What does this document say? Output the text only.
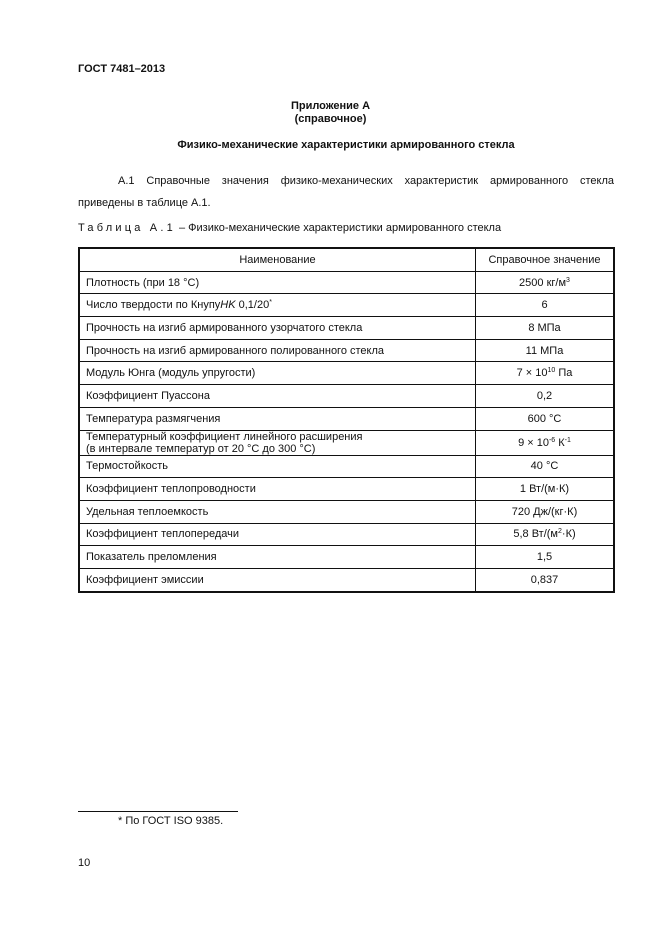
ГОСТ 7481–2013
Приложение А
(справочное)
Физико-механические характеристики армированного стекла
А.1 Справочные значения физико-механических характеристик армированного стекла приведены в таблице А.1.
Таблица А.1 – Физико-механические характеристики армированного стекла
Наименование	Справочное значение
Плотность (при 18 °С)	2500 $кг/м^3$
Число твердости по КнупуHK 0,1/20*	6
Прочность на изгиб армированного узорчатого стекла	8 МПа
Прочность на изгиб армированного полированного стекла	11 МПа
Модуль Юнга (модуль упругости)	$7 \times 10^{10}$ Па
Коэффициент Пуассона	0,2
Температура размягчения	600 °С

Температурный коэффициент линейного расширения
(в интервале температур от 20 °С до 300 °С)	$9 \times 10^{-6}$ $К^{-1}$
Термостойкость	40 °С
Коэффициент теплопроводности	1 Вт/(м·К)
Удельная теплоемкость	720 Дж/(кг·К)
Коэффициент теплопередачи	5,8 $Вт/(м^2\cdot К)$
Показатель преломления	1,5
Коэффициент эмиссии	0,837
* По ГОСТ ISO 9385.
10
